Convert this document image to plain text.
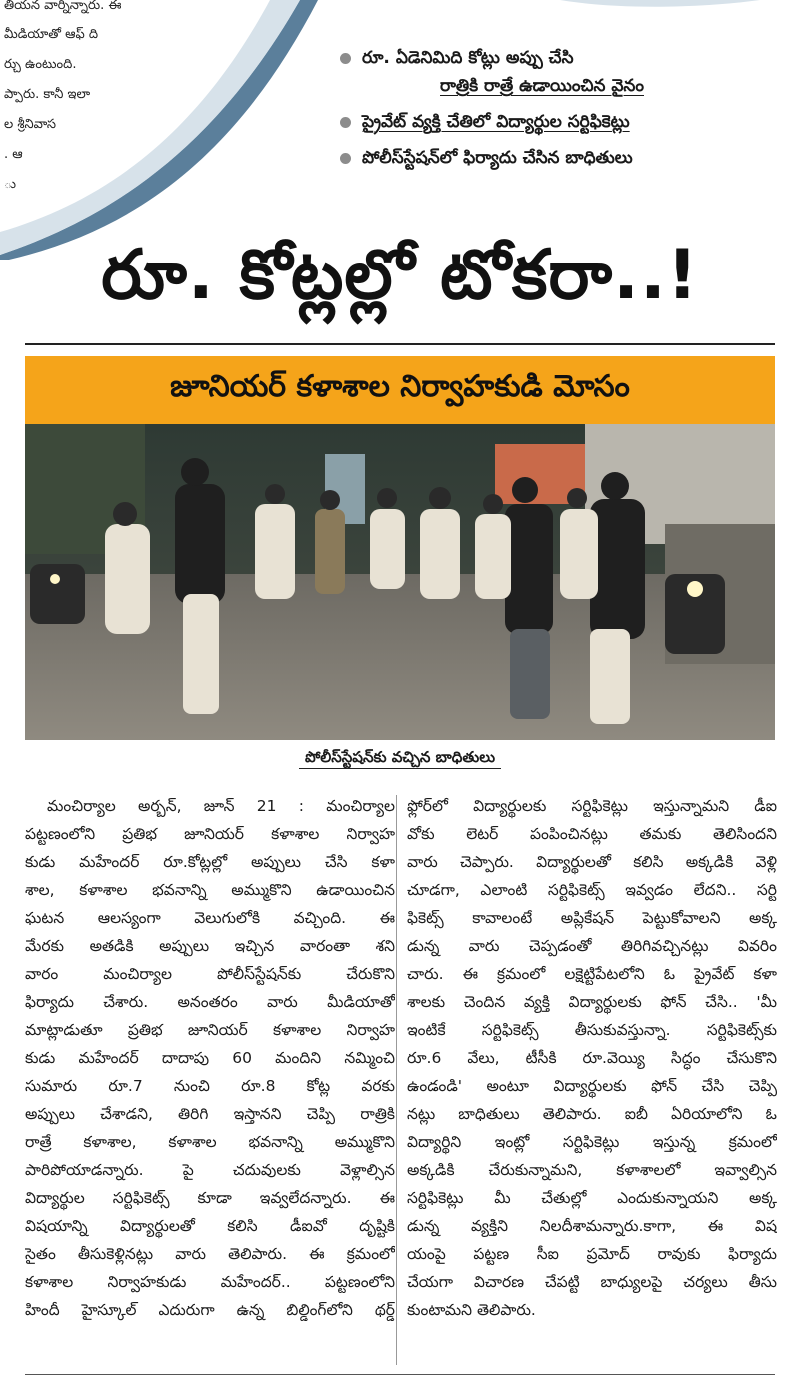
తియన వార్నిన్నారు. ఈ
మీడియాతో ఆఫ్ ది
ర్చు ఉంటుంది.
ప్పారు. కానీ ఇలా
ల శ్రీనివాస
. ఆ
ు
రూ. ఏడెనిమిది కోట్లు అప్పు చేసి
రాత్రికి రాత్రే ఉడాయించిన వైనం
ప్రైవేట్ వ్యక్తి చేతిలో విద్యార్థుల సర్టిఫికెట్లు
పోలీస్‌స్టేషన్‌లో ఫిర్యాదు చేసిన బాధితులు
రూ. కోట్లల్లో టోకరా..!
జూనియర్ కళాశాల నిర్వాహకుడి మోసం
పోలీస్‌స్టేషన్‌కు వచ్చిన బాధితులు
మంచిర్యాల అర్బన్, జూన్ 21 : మంచిర్యాల
పట్టణంలోని ప్రతిభ జూనియర్ కళాశాల నిర్వాహ
కుడు మహేందర్ రూ.కోట్లల్లో అప్పులు చేసి కళా
శాల, కళాశాల భవనాన్ని అమ్ముకొని ఉడాయించిన
ఘటన ఆలస్యంగా వెలుగులోకి వచ్చింది. ఈ
మేరకు అతడికి అప్పులు ఇచ్చిన వారంతా శని
వారం మంచిర్యాల పోలీస్‌స్టేషన్‌కు చేరుకొని
ఫిర్యాదు చేశారు. అనంతరం వారు మీడియాతో
మాట్లాడుతూ ప్రతిభ జూనియర్ కళాశాల నిర్వాహ
కుడు మహేందర్ దాదాపు 60 మందిని నమ్మించి
సుమారు రూ.7 నుంచి రూ.8 కోట్ల వరకు
అప్పులు చేశాడని, తిరిగి ఇస్తానని చెప్పి రాత్రికి
రాత్రే కళాశాల, కళాశాల భవనాన్ని అమ్ముకొని
పారిపోయాడన్నారు. పై చదువులకు వెళ్లాల్సిన
విద్యార్థుల సర్టిఫికెట్స్ కూడా ఇవ్వలేదన్నారు. ఈ
విషయాన్ని విద్యార్థులతో కలిసి డీఐవో దృష్టికి
సైతం తీసుకెళ్లినట్లు వారు తెలిపారు. ఈ క్రమంలో
కళాశాల నిర్వాహకుడు మహేందర్.. పట్టణంలోని
హిందీ హైస్కూల్ ఎదురుగా ఉన్న బిల్డింగ్‌లోని థర్డ్
ఫ్లోర్‌లో విద్యార్థులకు సర్టిఫికెట్లు ఇస్తున్నామని డీఐ
వోకు లెటర్ పంపించినట్లు తమకు తెలిసిందని
వారు చెప్పారు. విద్యార్థులతో కలిసి అక్కడికి వెళ్లి
చూడగా, ఎలాంటి సర్టిఫికెట్స్ ఇవ్వడం లేదని.. సర్టి
ఫికెట్స్ కావాలంటే అప్లికేషన్ పెట్టుకోవాలని అక్క
డున్న వారు చెప్పడంతో తిరిగివచ్చినట్లు వివరిం
చారు. ఈ క్రమంలో లక్షెట్టిపేటలోని ఓ ప్రైవేట్ కళా
శాలకు చెందిన వ్యక్తి విద్యార్థులకు ఫోన్ చేసి.. 'మీ
ఇంటికే సర్టిఫికెట్స్ తీసుకువస్తున్నా. సర్టిఫికెట్స్‌కు
రూ.6 వేలు, టీసీకి రూ.వెయ్యి సిద్ధం చేసుకొని
ఉండండి' అంటూ విద్యార్థులకు ఫోన్ చేసి చెప్పి
నట్లు బాధితులు తెలిపారు. ఐబీ ఏరియాలోని ఓ
విద్యార్థిని ఇంట్లో సర్టిఫికెట్లు ఇస్తున్న క్రమంలో
అక్కడికి చేరుకున్నామని, కళాశాలలో ఇవ్వాల్సిన
సర్టిఫికెట్లు మీ చేతుల్లో ఎందుకున్నాయని అక్క
డున్న వ్యక్తిని నిలదీశామన్నారు.కాగా, ఈ విష
యంపై పట్టణ సీఐ ప్రమోద్ రావుకు ఫిర్యాదు
చేయగా విచారణ చేపట్టి బాధ్యులపై చర్యలు తీసు
కుంటామని తెలిపారు.
